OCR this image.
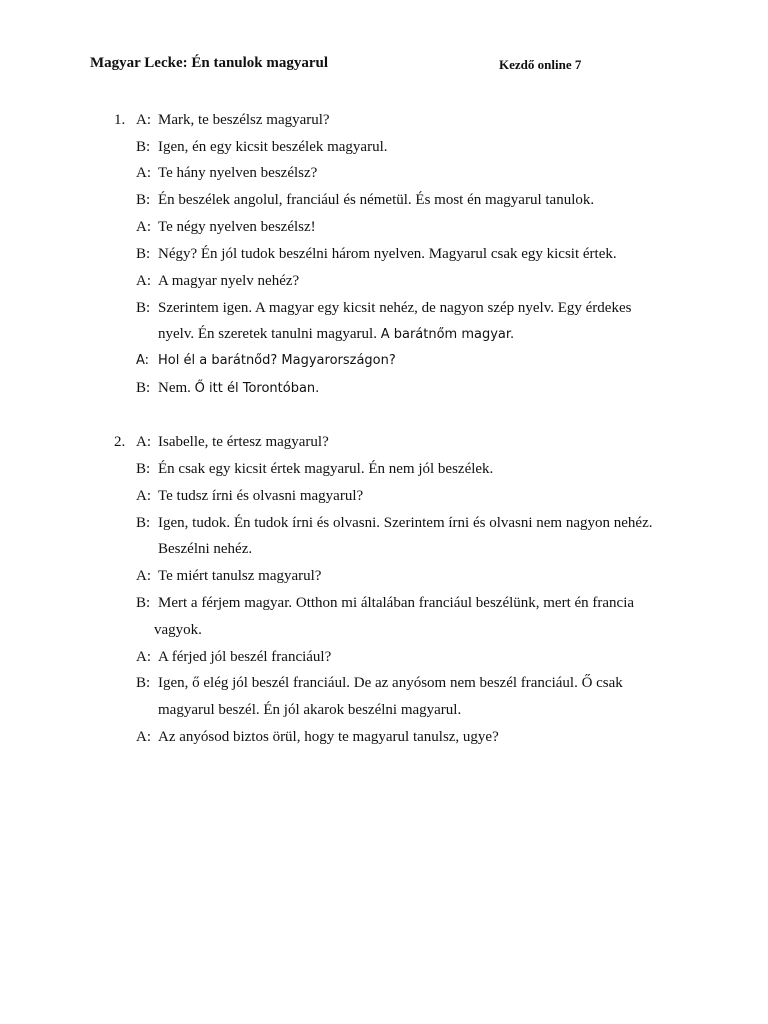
Magyar Lecke: Én tanulok magyarul	Kezdő online 7
1. A: Mark, te beszélsz magyarul?
B: Igen, én egy kicsit beszélek magyarul.
A: Te hány nyelven beszélsz?
B: Én beszélek angolul, franciául és németül. És most én magyarul tanulok.
A: Te négy nyelven beszélsz!
B: Négy? Én jól tudok beszélni három nyelven. Magyarul csak egy kicsit értek.
A: A magyar nyelv nehéz?
B: Szerintem igen. A magyar egy kicsit nehéz, de nagyon szép nyelv. Egy érdekes
nyelv. Én szeretek tanulni magyarul. A barátnőm magyar.
A: Hol él a barátnőd? Magyarországon?
B: Nem. Ő itt él Torontóban.
2. A: Isabelle, te értesz magyarul?
B: Én csak egy kicsit értek magyarul. Én nem jól beszélek.
A: Te tudsz írni és olvasni magyarul?
B: Igen, tudok. Én tudok írni és olvasni. Szerintem írni és olvasni nem nagyon nehéz.
Beszélni nehéz.
A: Te miért tanulsz magyarul?
B: Mert a férjem magyar. Otthon mi általában franciául beszélünk, mert én francia
vagyok.
A: A férjed jól beszél franciául?
B: Igen, ő elég jól beszél franciául. De az anyósom nem beszél franciául. Ő csak
magyarul beszél. Én jól akarok beszélni magyarul.
A: Az anyósod biztos örül, hogy te magyarul tanulsz, ugye?
